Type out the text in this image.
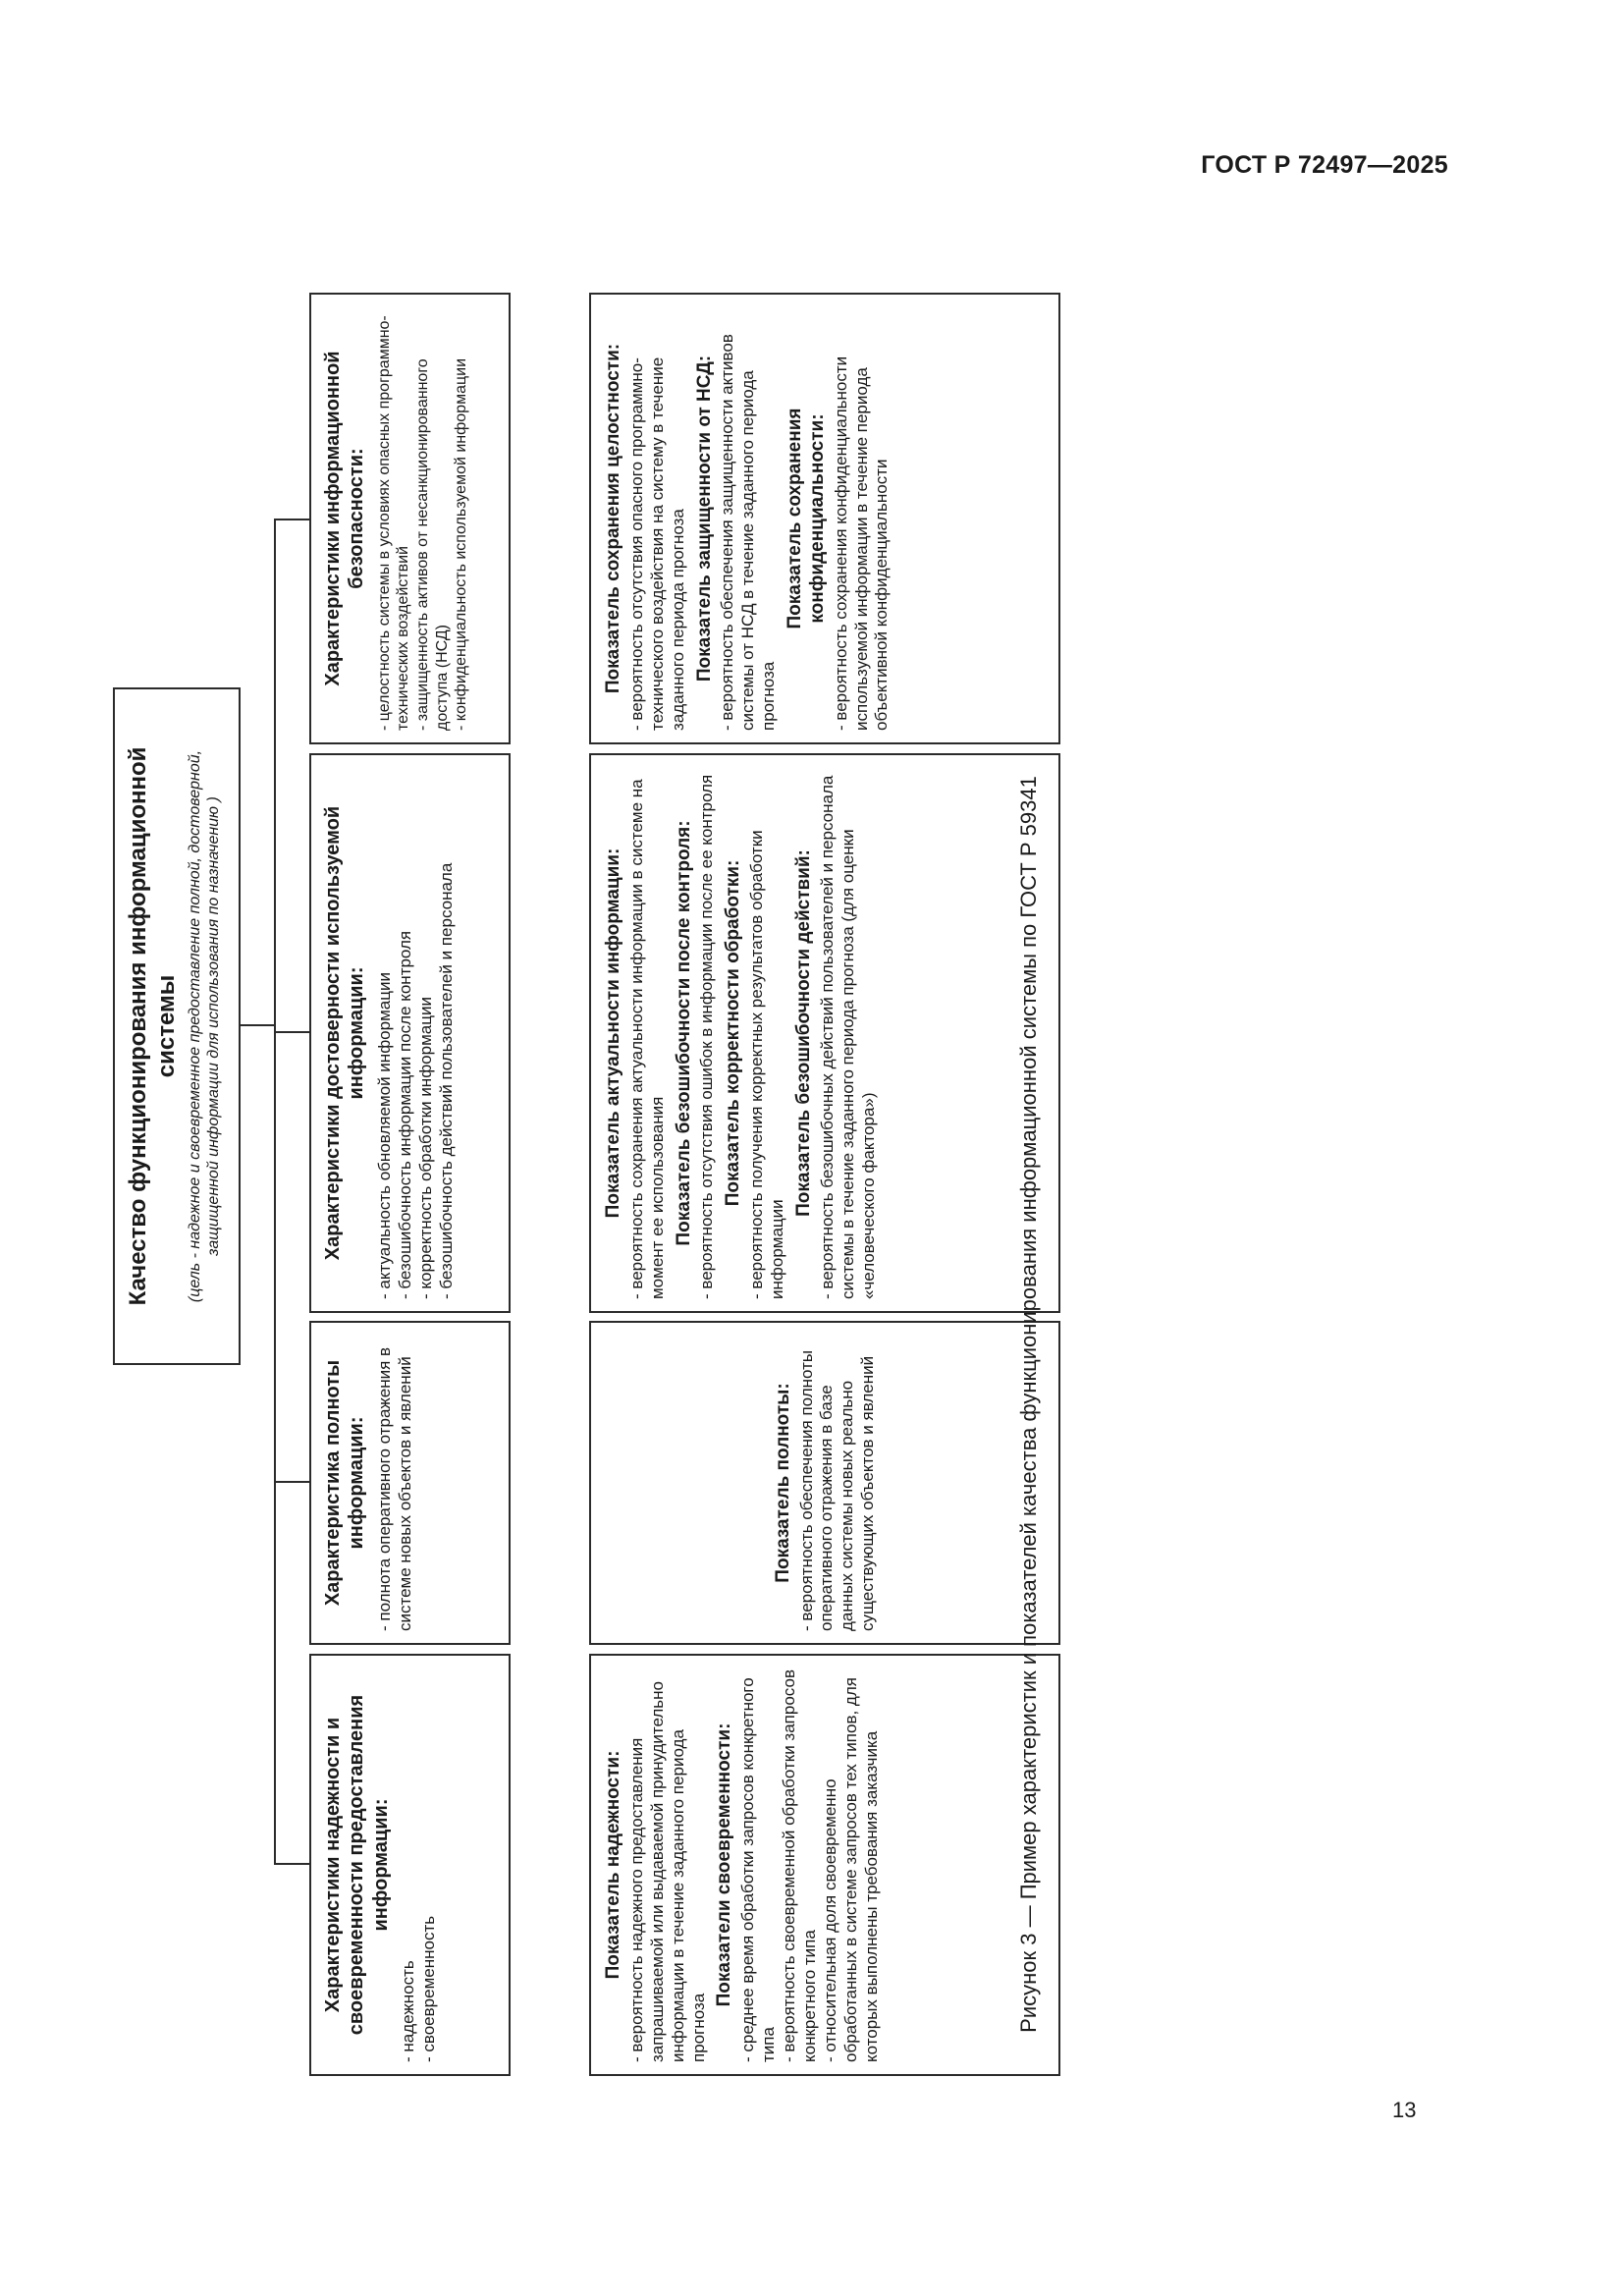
ГОСТ Р 72497—2025
13
Качество функционирования информационной системы (цель - надежное и своевременное предоставление полной, достоверной, защищенной информации для использования по назначению )
Характеристики надежности и своевременности предоставления информации:
- надежность - своевременность
Характеристика полноты информации: - полнота оперативного отражения в системе новых объектов и явлений
Характеристики достоверности используемой информации: - актуальность обновляемой информации - безошибочность информации после контроля - корректность обработки информации - безошибочность действий пользователей и персонала
Характеристики информационной безопасности: - целостность системы в условиях опасных программно-технических воздействий - защищенность активов от несанкционированного доступа (НСД) - конфиденциальность используемой информации
Показатель надежности: - вероятность надежного предоставления запрашиваемой или выдаваемой принудительно информации в течение заданного периода прогноза
Показатели своевременности: - среднее время обработки запросов конкретного типа - вероятность своевременной обработки запросов конкретного типа - относительная доля своевременно обработанных в системе запросов тех типов, для которых выполнены требования заказчика
Показатель полноты: - вероятность обеспечения полноты оперативного отражения в базе данных системы новых реально существующих объектов и явлений
Показатель актуальности информации: - вероятность сохранения актуальности информации в системе на момент ее использования Показатель безошибочности после контроля: - вероятность отсутствия ошибок в информации после ее контроля Показатель корректности обработки: - вероятность получения корректных результатов обработки информации
Показатель безошибочности действий: - вероятность безошибочных действий пользователей и персонала системы в течение заданного периода прогноза (для оценки «человеческого фактора»)
Показатель сохранения целостности: - вероятность отсутствия опасного программно-технического воздействия на систему в течение заданного периода прогноза Показатель защищенности от НСД: - вероятность обеспечения защищенности активов системы от НСД в течение заданного периода прогноза
Показатель сохранения конфиденциальности: - вероятность сохранения конфиденциальности используемой информации в течение периода объективной конфиденциальности
Рисунок 3 — Пример характеристик и показателей качества функционирования информационной системы по ГОСТ Р 59341
